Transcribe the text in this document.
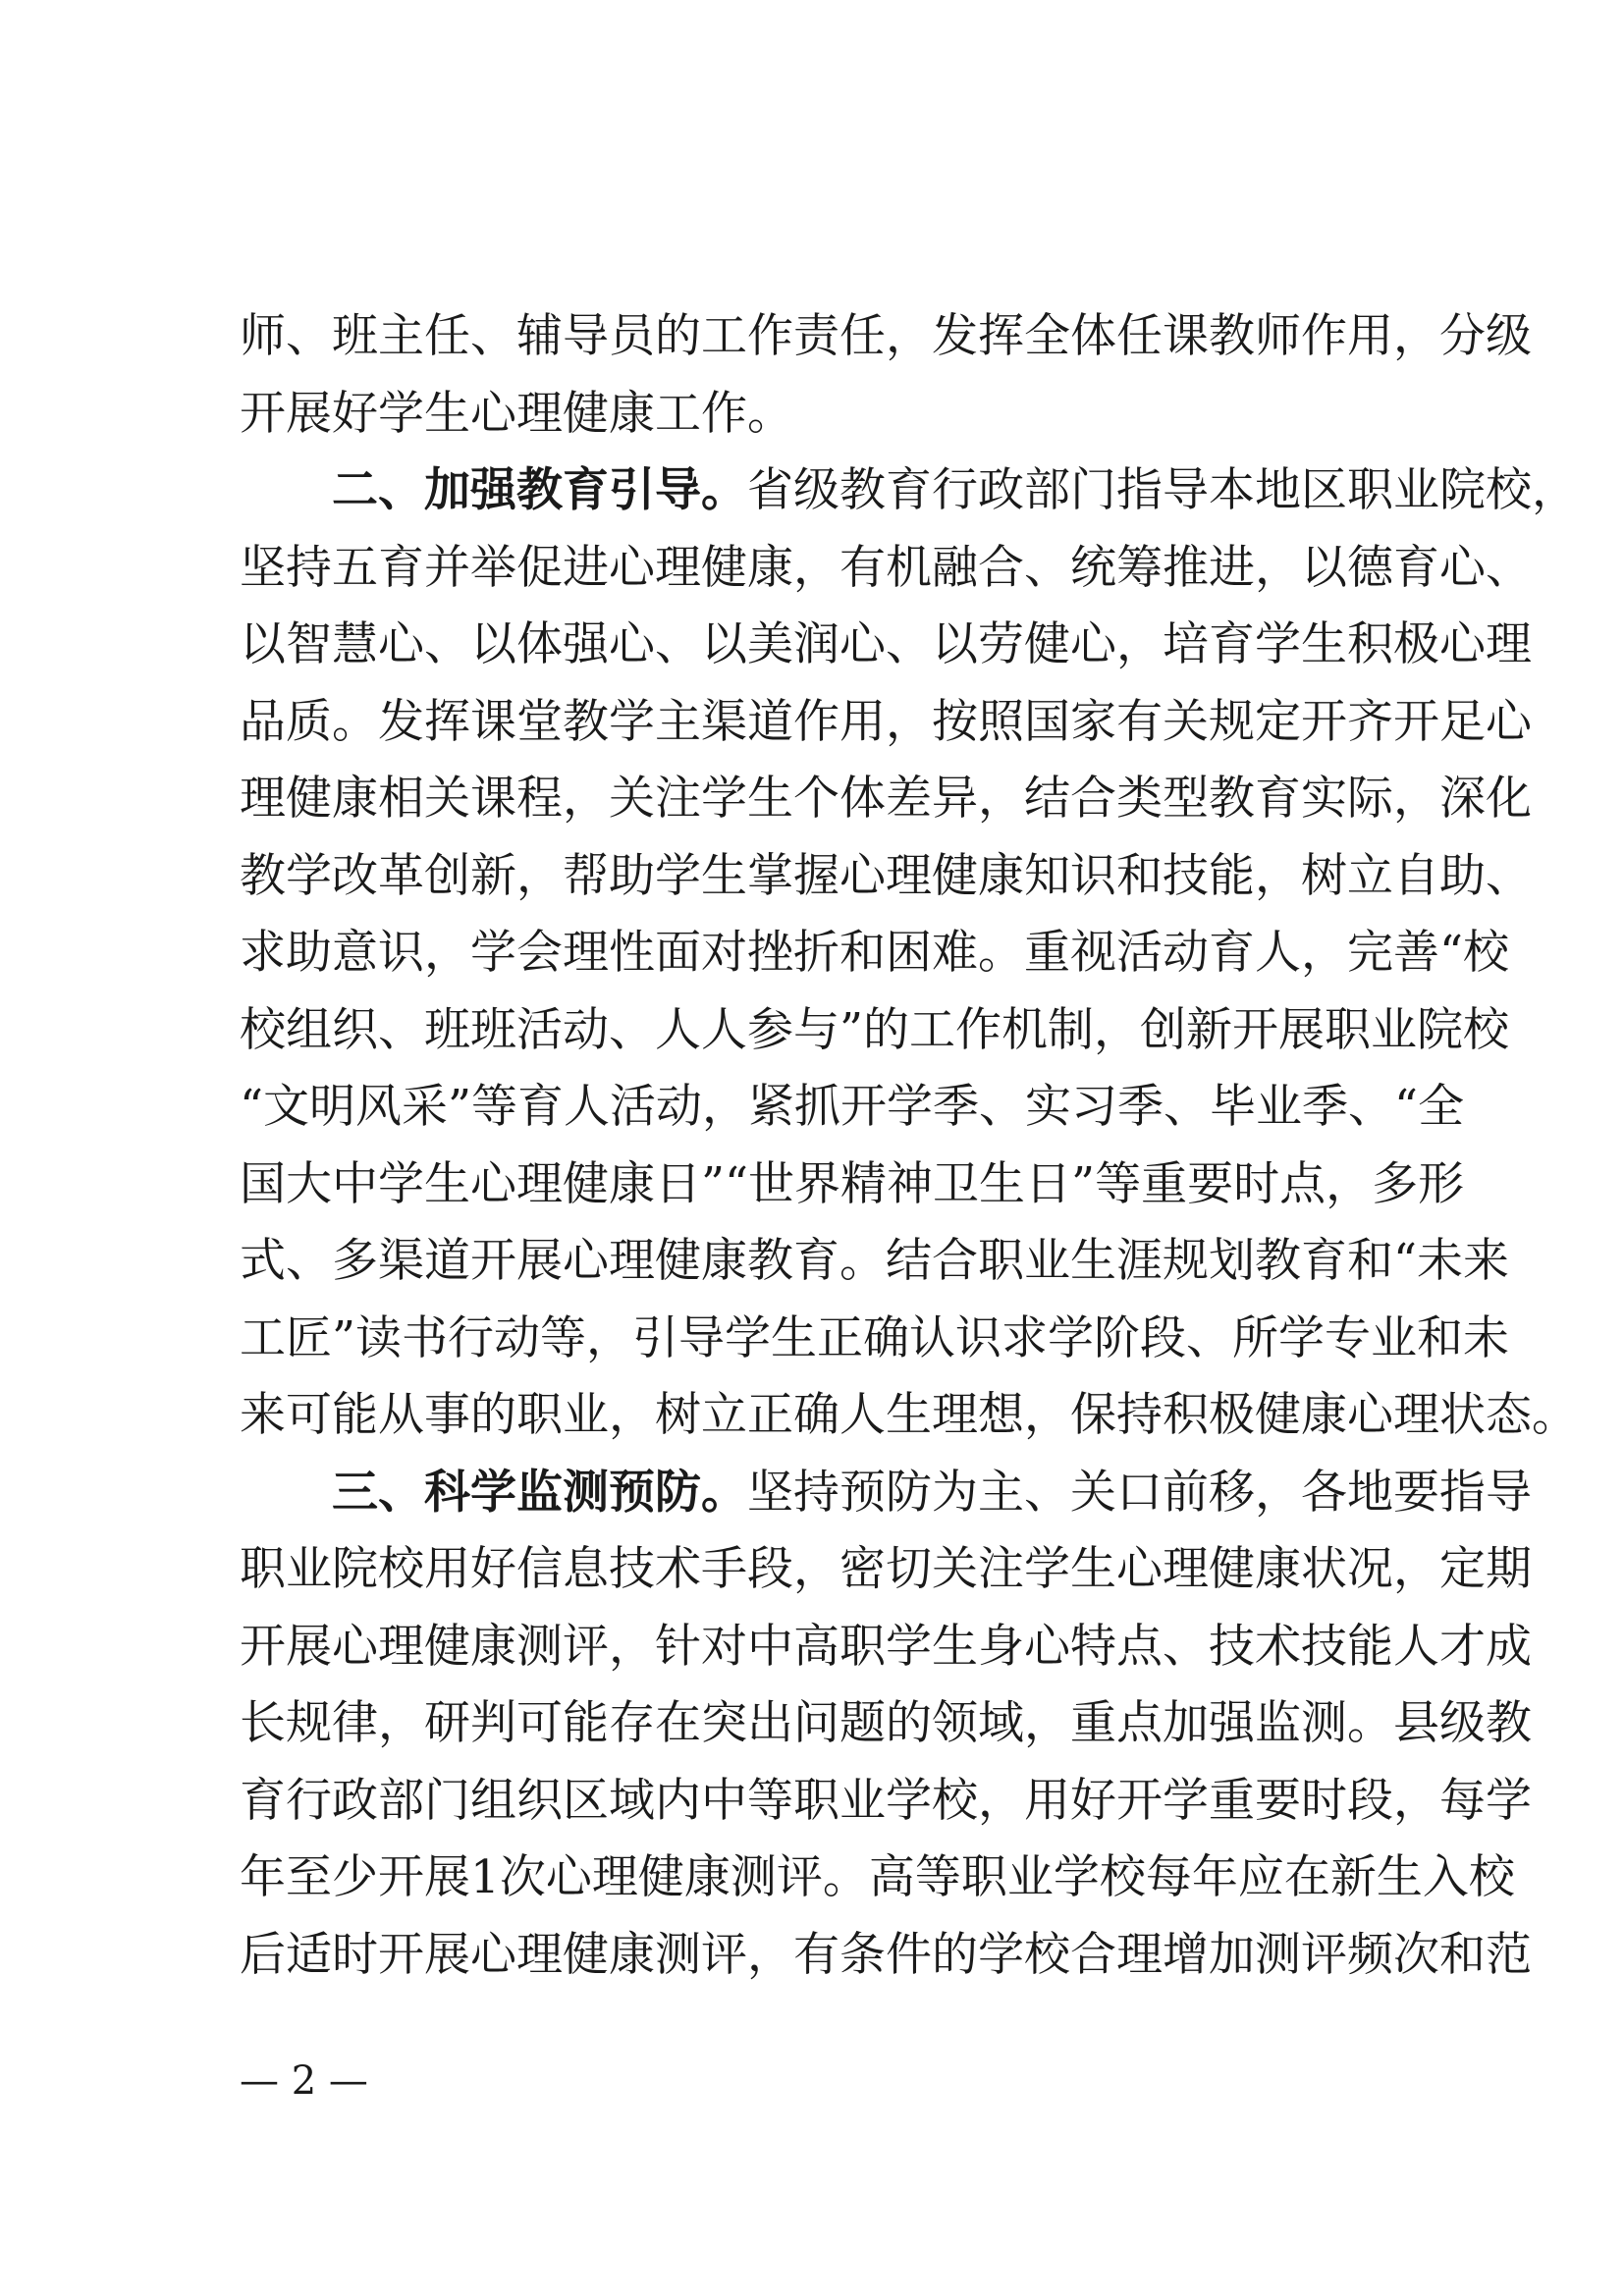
师、班主任、辅导员的工作责任，发挥全体任课教师作用，分级
开展好学生心理健康工作。
二、加强教育引导。省级教育行政部门指导本地区职业院校，
坚持五育并举促进心理健康，有机融合、统筹推进，以德育心、
以智慧心、以体强心、以美润心、以劳健心，培育学生积极心理
品质。发挥课堂教学主渠道作用，按照国家有关规定开齐开足心
理健康相关课程，关注学生个体差异，结合类型教育实际，深化
教学改革创新，帮助学生掌握心理健康知识和技能，树立自助、
求助意识，学会理性面对挫折和困难。重视活动育人，完善“校
校组织、班班活动、人人参与”的工作机制，创新开展职业院校
“文明风采”等育人活动，紧抓开学季、实习季、毕业季、“全
国大中学生心理健康日”“世界精神卫生日”等重要时点，多形
式、多渠道开展心理健康教育。结合职业生涯规划教育和“未来
工匠”读书行动等，引导学生正确认识求学阶段、所学专业和未
来可能从事的职业，树立正确人生理想，保持积极健康心理状态。
三、科学监测预防。坚持预防为主、关口前移，各地要指导
职业院校用好信息技术手段，密切关注学生心理健康状况，定期
开展心理健康测评，针对中高职学生身心特点、技术技能人才成
长规律，研判可能存在突出问题的领域，重点加强监测。县级教
育行政部门组织区域内中等职业学校，用好开学重要时段，每学
年至少开展1次心理健康测评。高等职业学校每年应在新生入校
后适时开展心理健康测评，有条件的学校合理增加测评频次和范
— 2 —
